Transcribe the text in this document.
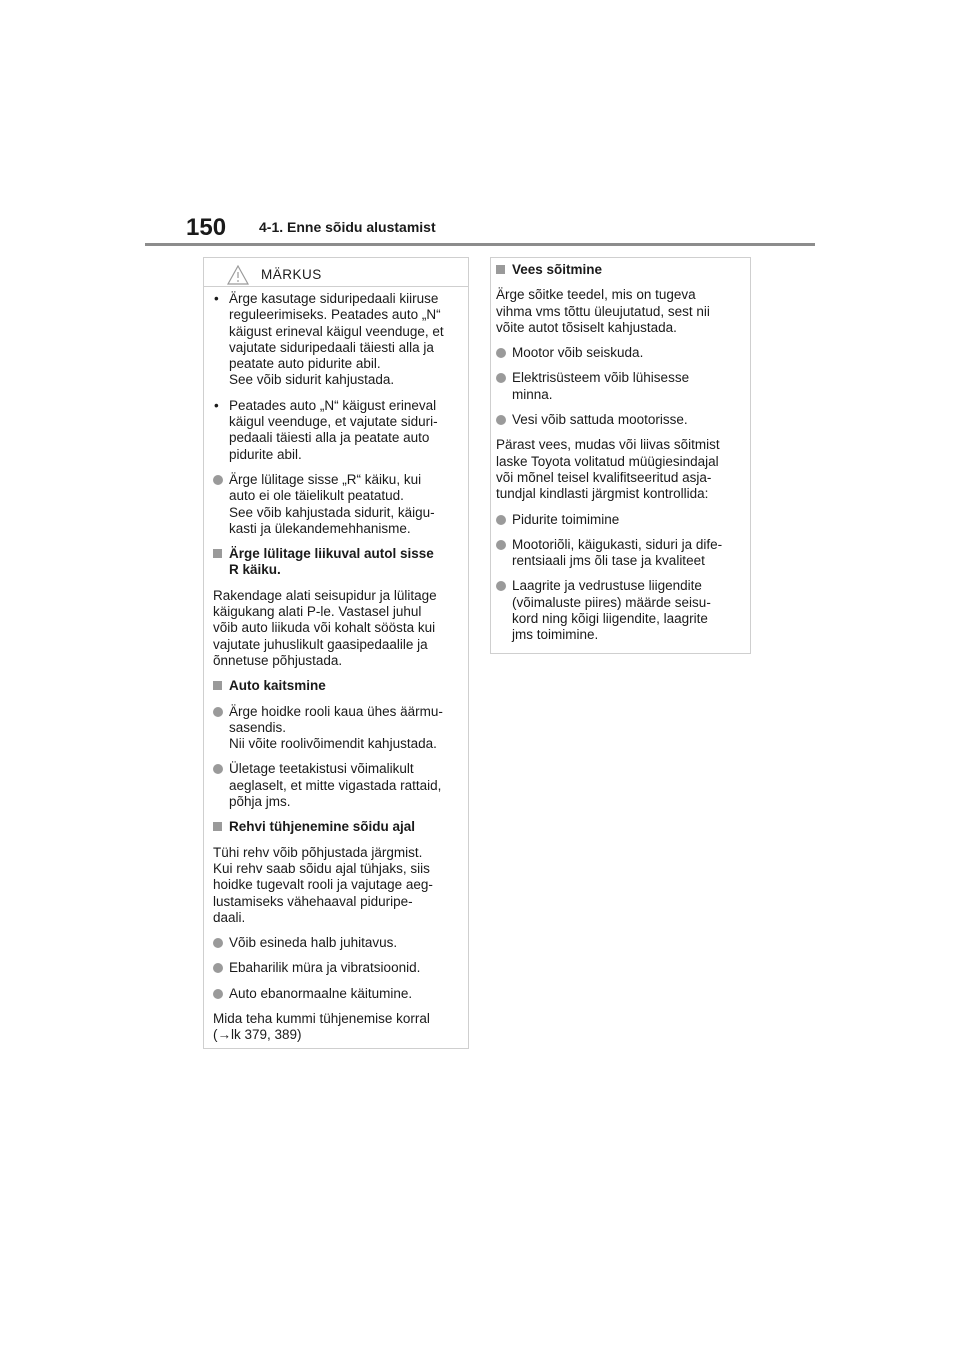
150 4-1. Enne sõidu alustamist
MÄRKUS
• Ärge kasutage siduripedaali kiiruse
reguleerimiseks. Peatades auto „N“
käigust erineval käigul veenduge, et
vajutate siduripedaali täiesti alla ja
peatate auto pidurite abil.
See võib sidurit kahjustada.
• Peatades auto „N“ käigust erineval
käigul veenduge, et vajutate siduri-
pedaali täiesti alla ja peatate auto
pidurite abil.
Ärge lülitage sisse „R“ käiku, kui
auto ei ole täielikult peatatud.
See võib kahjustada sidurit, käigu-
kasti ja ülekandemehhanisme.
Ärge lülitage liikuval autol sisse
R käiku.
Rakendage alati seisupidur ja lülitage
käigukang alati P-le. Vastasel juhul
võib auto liikuda või kohalt söösta kui
vajutate juhuslikult gaasipedaalile ja
õnnetuse põhjustada.
Auto kaitsmine
Ärge hoidke rooli kaua ühes äärmu-
sasendis.
Nii võite roolivõimendit kahjustada.
Ületage teetakistusi võimalikult
aeglaselt, et mitte vigastada rattaid,
põhja jms.
Rehvi tühjenemine sõidu ajal
Tühi rehv võib põhjustada järgmist.
Kui rehv saab sõidu ajal tühjaks, siis
hoidke tugevalt rooli ja vajutage aeg-
lustamiseks vähehaaval piduripe-
daali.
Võib esineda halb juhitavus.
Ebaharilik müra ja vibratsioonid.
Auto ebanormaalne käitumine.
Mida teha kummi tühjenemise korral
(→lk 379, 389)
Vees sõitmine
Ärge sõitke teedel, mis on tugeva
vihma vms tõttu üleujutatud, sest nii
võite autot tõsiselt kahjustada.
Mootor võib seiskuda.
Elektrisüsteem võib lühisesse
minna.
Vesi võib sattuda mootorisse.
Pärast vees, mudas või liivas sõitmist
laske Toyota volitatud müügiesindajal
või mõnel teisel kvalifitseeritud asja-
tundjal kindlasti järgmist kontrollida:
Pidurite toimimine
Mootoriõli, käigukasti, siduri ja dife-
rentsiaali jms õli tase ja kvaliteet
Laagrite ja vedrustuse liigendite
(võimaluste piires) määrde seisu-
kord ning kõigi liigendite, laagrite
jms toimimine.
